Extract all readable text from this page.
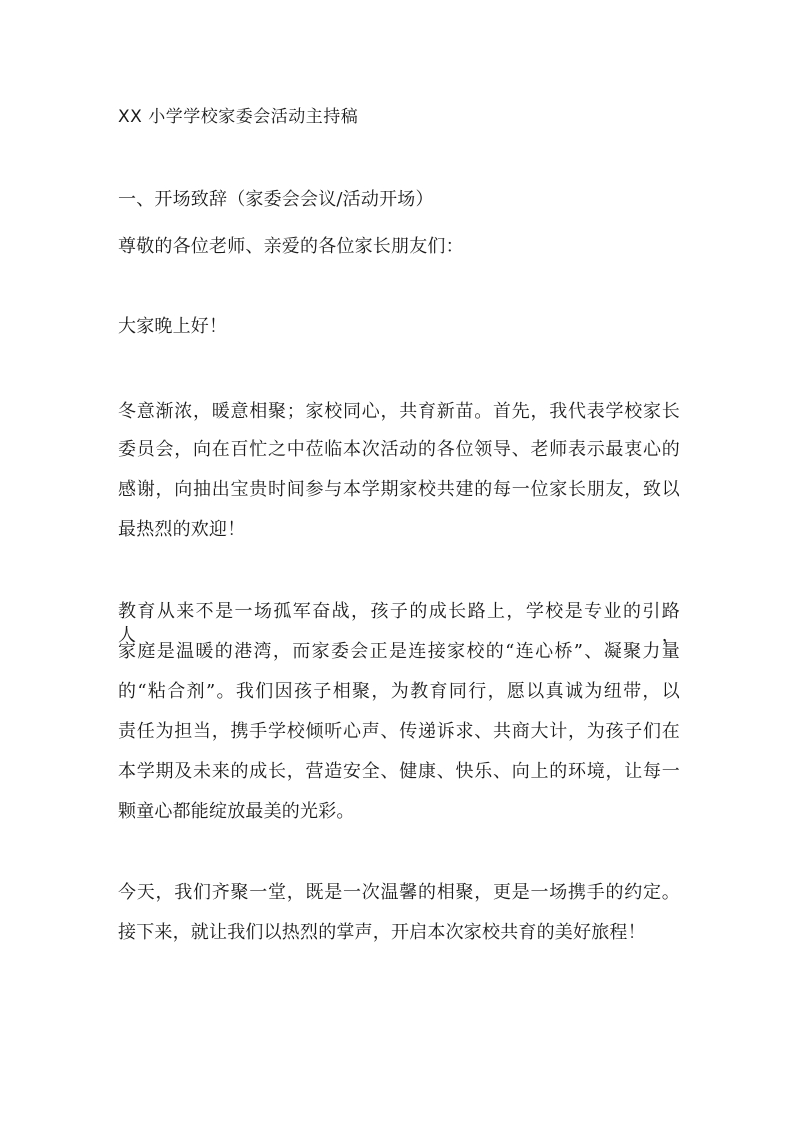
XX 小学学校家委会活动主持稿
一、开场致辞（家委会会议/活动开场）
尊敬的各位老师、亲爱的各位家长朋友们：
大家晚上好！
冬意渐浓，暖意相聚；家校同心，共育新苗。首先，我代表学校家长
委员会，向在百忙之中莅临本次活动的各位领导、老师表示最衷心的
感谢，向抽出宝贵时间参与本学期家校共建的每一位家长朋友，致以
最热烈的欢迎！
教育从来不是一场孤军奋战，孩子的成长路上，学校是专业的引路人，
家庭是温暖的港湾，而家委会正是连接家校的“连心桥”、凝聚力量
的“粘合剂”。我们因孩子相聚，为教育同行，愿以真诚为纽带，以
责任为担当，携手学校倾听心声、传递诉求、共商大计，为孩子们在
本学期及未来的成长，营造安全、健康、快乐、向上的环境，让每一
颗童心都能绽放最美的光彩。
今天，我们齐聚一堂，既是一次温馨的相聚，更是一场携手的约定。
接下来，就让我们以热烈的掌声，开启本次家校共育的美好旅程！
